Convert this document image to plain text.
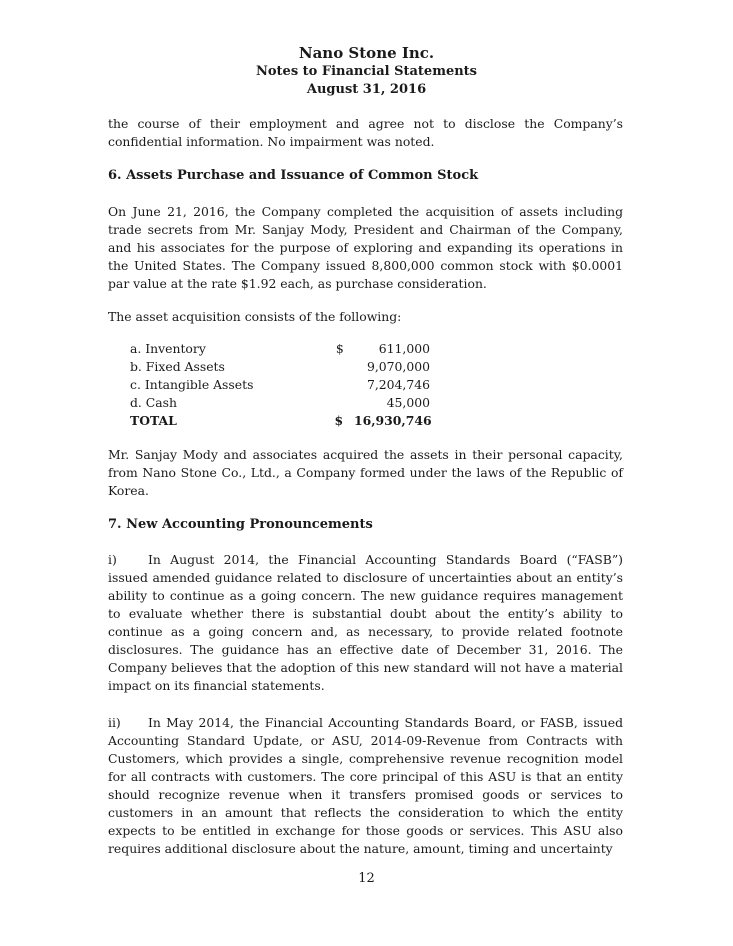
Nano Stone Inc.
Notes to Financial Statements
August 31, 2016

the course of their employment and agree not to disclose the Company’s confidential information. No impairment was noted.

6. Assets Purchase and Issuance of Common Stock

On June 21, 2016, the Company completed the acquisition of assets including trade secrets from Mr. Sanjay Mody, President and Chairman of the Company, and his associates for the purpose of exploring and expanding its operations in the United States. The Company issued 8,800,000 common stock with $0.0001 par value at the rate $1.92 each, as purchase consideration.

The asset acquisition consists of the following:

a. Inventory	$	611,000
b. Fixed Assets	9,070,000
c. Intangible Assets	7,204,746
d. Cash	45,000
TOTAL	$ 16,930,746

Mr. Sanjay Mody and associates acquired the assets in their personal capacity, from Nano Stone Co., Ltd., a Company formed under the laws of the Republic of Korea.

7. New Accounting Pronouncements

i)	In August 2014, the Financial Accounting Standards Board (“FASB”) issued amended guidance related to disclosure of uncertainties about an entity’s ability to continue as a going concern. The new guidance requires management to evaluate whether there is substantial doubt about the entity’s ability to continue as a going concern and, as necessary, to provide related footnote disclosures. The guidance has an effective date of December 31, 2016. The Company believes that the adoption of this new standard will not have a material impact on its financial statements.

ii) In May 2014, the Financial Accounting Standards Board, or FASB, issued Accounting Standard Update, or ASU, 2014-09-Revenue from Contracts with Customers, which provides a single, comprehensive revenue recognition model for all contracts with customers. The core principal of this ASU is that an entity should recognize revenue when it transfers promised goods or services to customers in an amount that reflects the consideration to which the entity expects to be entitled in exchange for those goods or services. This ASU also requires additional disclosure about the nature, amount, timing and uncertainty

12
